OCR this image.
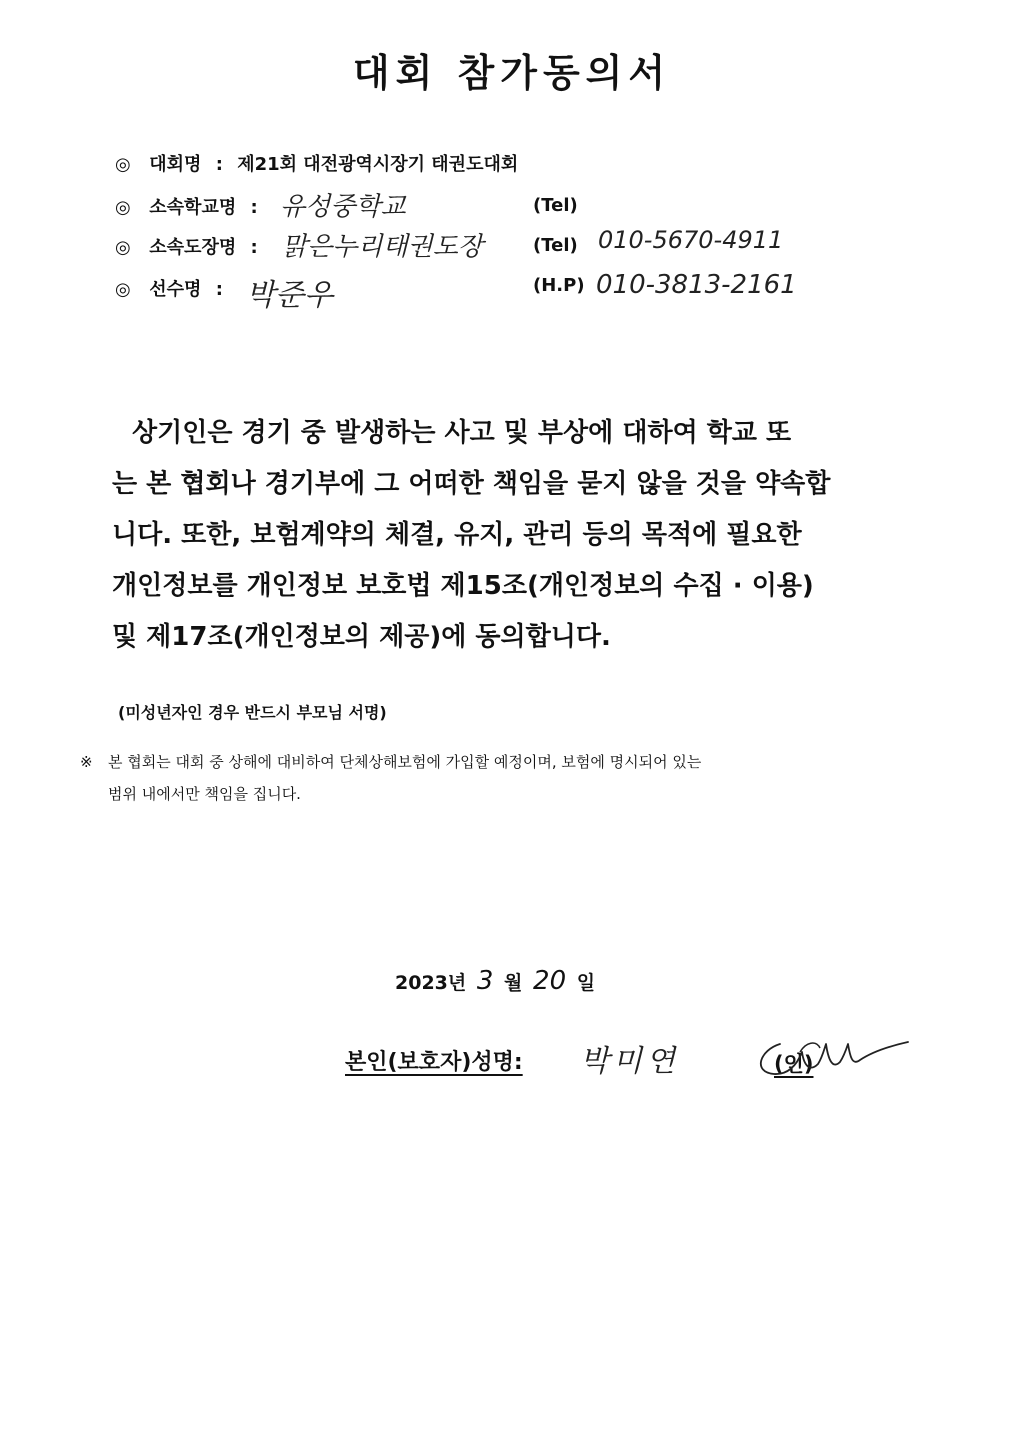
대회 참가동의서
◎ 대회명 : 제21회 대전광역시장기 태권도대회
◎ 소속학교명 : 유성중학교	(Tel)
◎ 소속도장명 : 맑은누리태권도장	(Tel) 010-5670-4911
◎ 선수명 : 박준우	(H.P) 010-3813-2161
상기인은 경기 중 발생하는 사고 및 부상에 대하여 학교 또
는 본 협회나 경기부에 그 어떠한 책임을 묻지 않을 것을 약속합
니다. 또한, 보험계약의 체결, 유지, 관리 등의 목적에 필요한
개인정보를 개인정보 보호법 제15조(개인정보의 수집 · 이용)
및 제17조(개인정보의 제공)에 동의합니다.
(미성년자인 경우 반드시 부모님 서명)
※ 본 협회는 대회 중 상해에 대비하여 단체상해보험에 가입할 예정이며, 보험에 명시되어 있는
범위 내에서만 책임을 집니다.
2023년 3 월 20 일
본인(보호자)성명: 박미연	(인)
